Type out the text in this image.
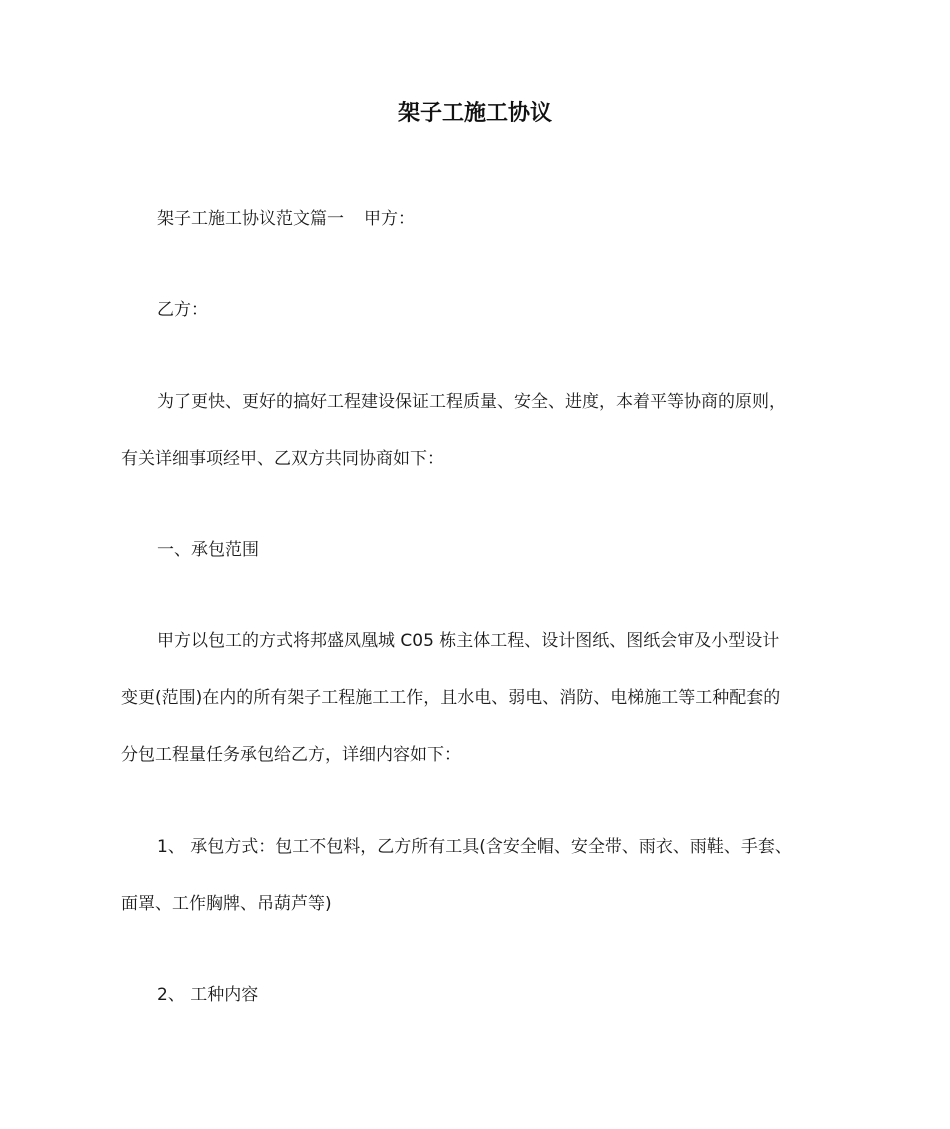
架子工施工协议

架子工施工协议范文篇一 甲方：

乙方：

为了更快、更好的搞好工程建设保证工程质量、安全、进度，本着平等协商的原则，

有关详细事项经甲、乙双方共同协商如下：

一、承包范围

甲方以包工的方式将邦盛凤凰城 C05 栋主体工程、设计图纸、图纸会审及小型设计

变更(范围)在内的所有架子工程施工工作，且水电、弱电、消防、电梯施工等工种配套的

分包工程量任务承包给乙方，详细内容如下：

1、 承包方式：包工不包料，乙方所有工具(含安全帽、安全带、雨衣、雨鞋、手套、

面罩、工作胸牌、吊葫芦等)

2、 工种内容
